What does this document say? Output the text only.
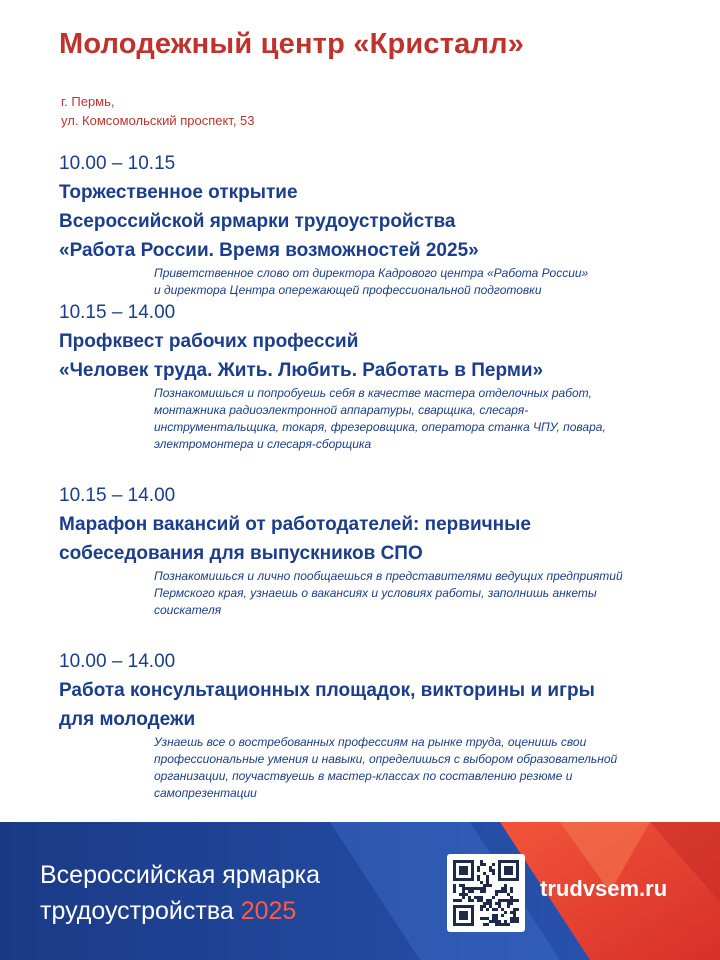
Молодежный центр «Кристалл»
г. Пермь,
ул. Комсомольский проспект, 53
10.00 – 10.15
Торжественное открытие
Всероссийской ярмарки трудоустройства
«Работа России. Время возможностей 2025»
Приветственное слово от директора Кадрового центра «Работа России»
и директора Центра опережающей профессиональной подготовки
10.15 – 14.00
Профквест рабочих профессий
«Человек труда. Жить. Любить. Работать в Перми»
Познакомишься и попробуешь себя в качестве мастера отделочных работ,
монтажника радиоэлектронной аппаратуры, сварщика, слесаря-
инструментальщика, токаря, фрезеровщика, оператора станка ЧПУ, повара,
электромонтера и слесаря-сборщика
10.15 – 14.00
Марафон вакансий от работодателей: первичные
собеседования для выпускников СПО
Познакомишься и лично пообщаешься в представителями ведущих предприятий
Пермского края, узнаешь о вакансиях и условиях работы, заполнишь анкеты
соискателя
10.00 – 14.00
Работа консультационных площадок, викторины и игры
для молодежи
Узнаешь все о востребованных профессиям на рынке труда, оценишь свои
профессиональные умения и навыки, определишься с выбором образовательной
организации, поучаствуешь в мастер-классах по составлению резюме и
самопрезентации
Всероссийская ярмарка
трудоустройства 2025
trudvsem.ru
